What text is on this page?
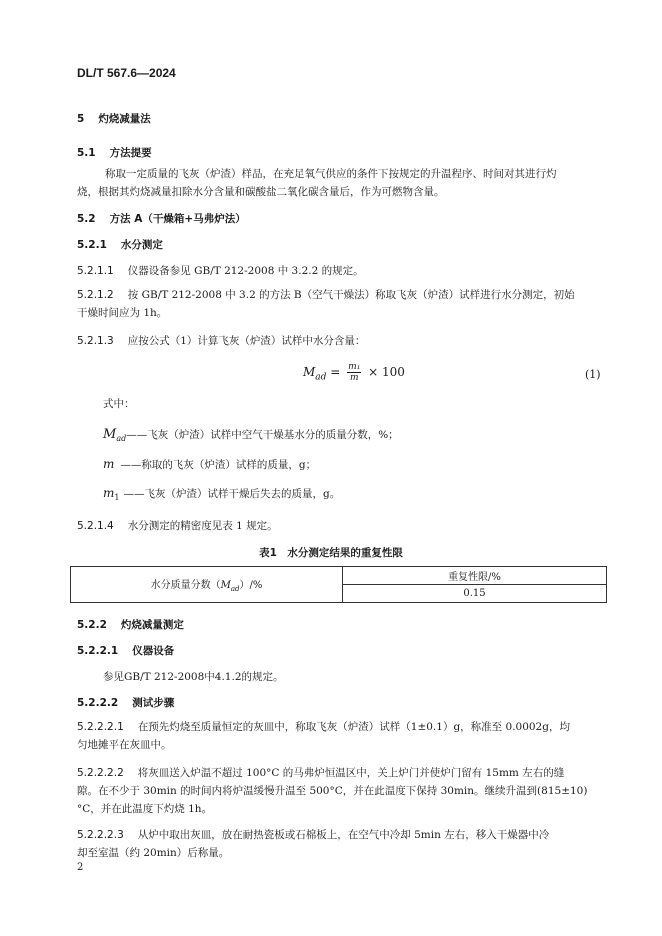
DL/T 567.6—2024
5 灼烧减量法
5.1 方法提要
称取一定质量的飞灰（炉渣）样品，在充足氧气供应的条件下按规定的升温程序、时间对其进行灼
烧，根据其灼烧减量扣除水分含量和碳酸盐二氧化碳含量后，作为可燃物含量。
5.2 方法 A（干燥箱+马弗炉法）
5.2.1 水分测定
5.2.1.1 仪器设备参见 GB/T 212-2008 中 3.2.2 的规定。
5.2.1.2 按 GB/T 212-2008 中 3.2 的方法 B（空气干燥法）称取飞灰（炉渣）试样进行水分测定，初始
干燥时间应为 1h。
5.2.1.3 应按公式（1）计算飞灰（炉渣）试样中水分含量：
$M_{ad} = \frac{\text{m₁}}{m} \times 100$	(1)
式中：
$M_{ad}——$飞灰（炉渣）试样中空气干燥基水分的质量分数，%；
m ——称取的飞灰（炉渣）试样的质量，g；
$m_1$ ——飞灰（炉渣）试样干燥后失去的质量，g。
5.2.1.4 水分测定的精密度见表 1 规定。
表1　水分测定结果的重复性限
水分质量分数$(M_{ad})/\%$	重复性限/%
0.15
5.2.2 灼烧减量测定
5.2.2.1 仪器设备
参见GB/T 212-2008中4.1.2的规定。
5.2.2.2 测试步骤
5.2.2.2.1 在预先灼烧至质量恒定的灰皿中，称取飞灰（炉渣）试样（1±0.1）g，称准至 0.0002g，均
匀地摊平在灰皿中。
5.2.2.2.2 将灰皿送入炉温不超过 100°C 的马弗炉恒温区中，关上炉门并使炉门留有 15mm 左右的缝
隙。在不少于 30min 的时间内将炉温缓慢升温至 500°C，并在此温度下保持 30min。继续升温到(815±10)
°C，并在此温度下灼烧 1h。
5.2.2.2.3 从炉中取出灰皿，放在耐热瓷板或石棉板上，在空气中冷却 5min 左右，移入干燥器中冷
却至室温（约 20min）后称量。
2
